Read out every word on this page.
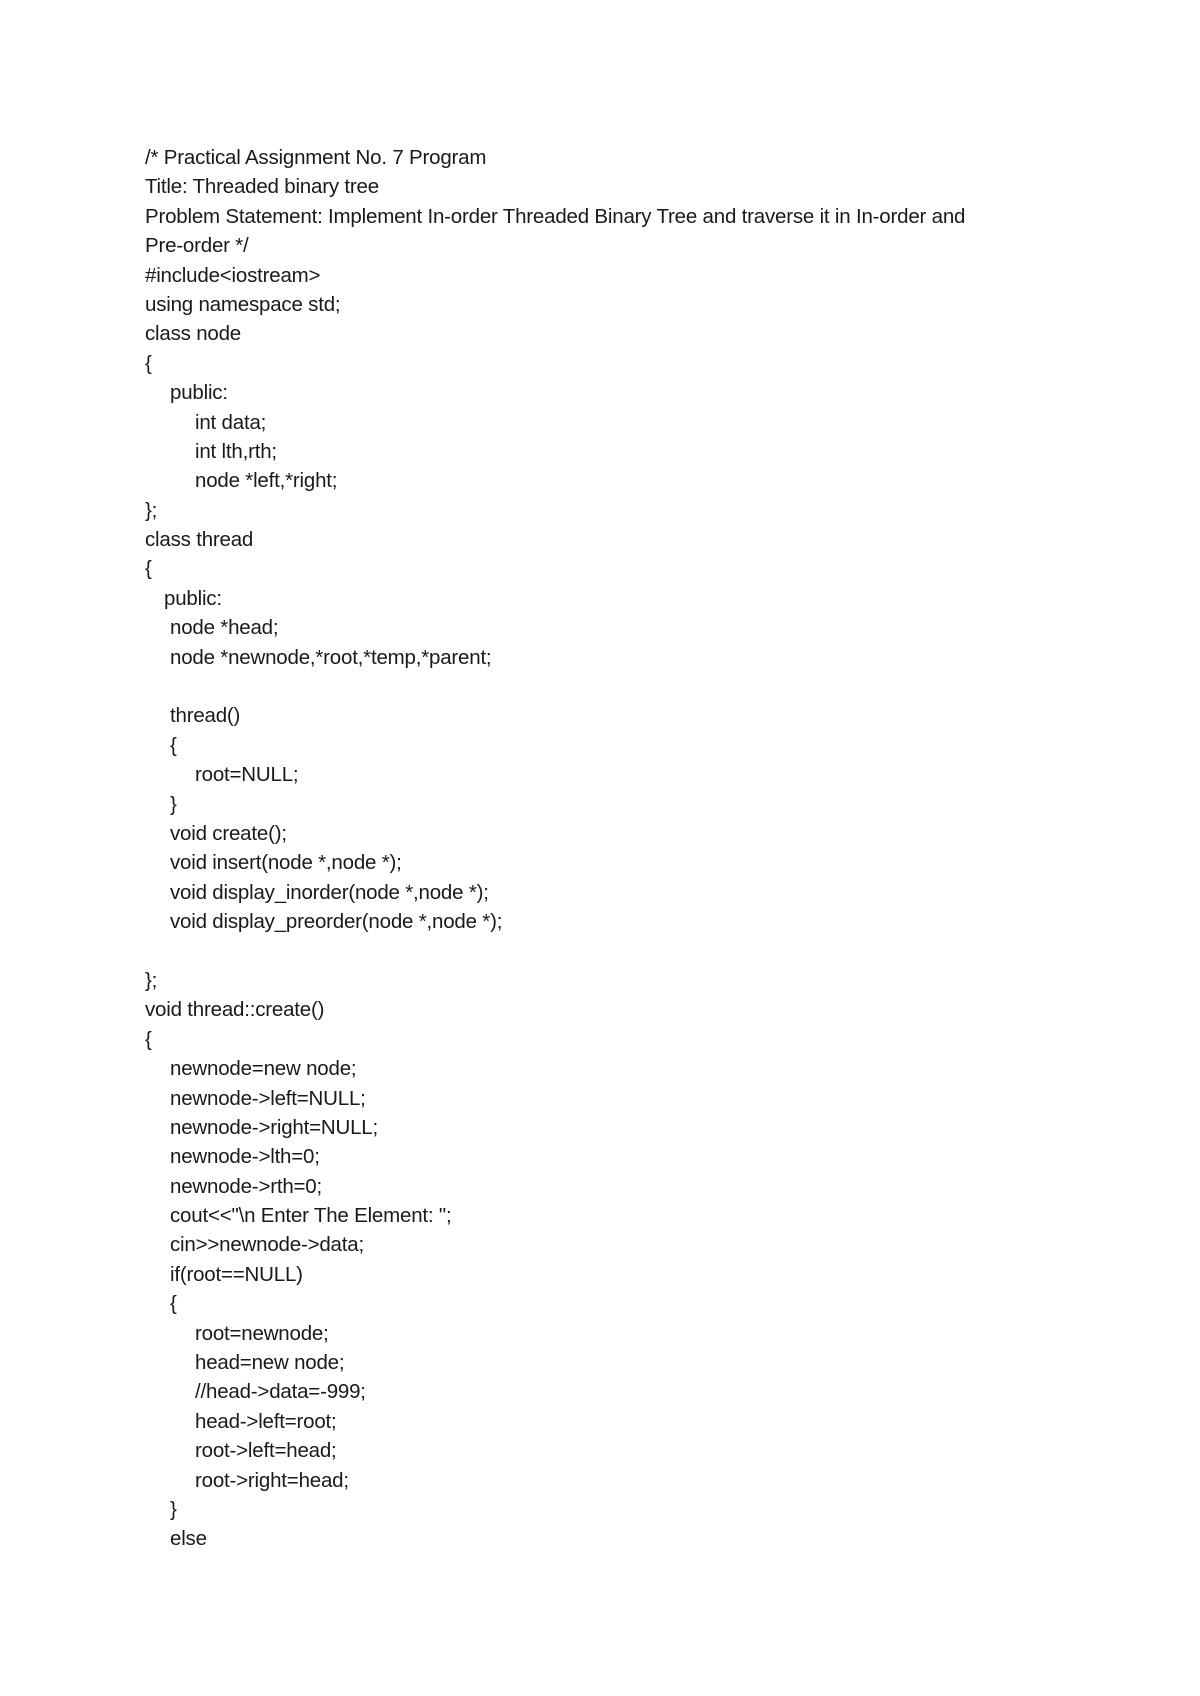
/* Practical Assignment No. 7 Program
Title: Threaded binary tree
Problem Statement: Implement In-order Threaded Binary Tree and traverse it in In-order and
Pre-order */
#include<iostream>
using namespace std;
class node
{
public:
int data;
int lth,rth;
node *left,*right;
};
class thread
{
public:
node *head;
node *newnode,*root,*temp,*parent;
thread()
{
root=NULL;
}
void create();
void insert(node *,node *);
void display_inorder(node *,node *);
void display_preorder(node *,node *);
};
void thread::create()
{
newnode=new node;
newnode->left=NULL;
newnode->right=NULL;
newnode->lth=0;
newnode->rth=0;
cout<<"\n Enter The Element: ";
cin>>newnode->data;
if(root==NULL)
{
root=newnode;
head=new node;
//head->data=-999;
head->left=root;
root->left=head;
root->right=head;
}
else
